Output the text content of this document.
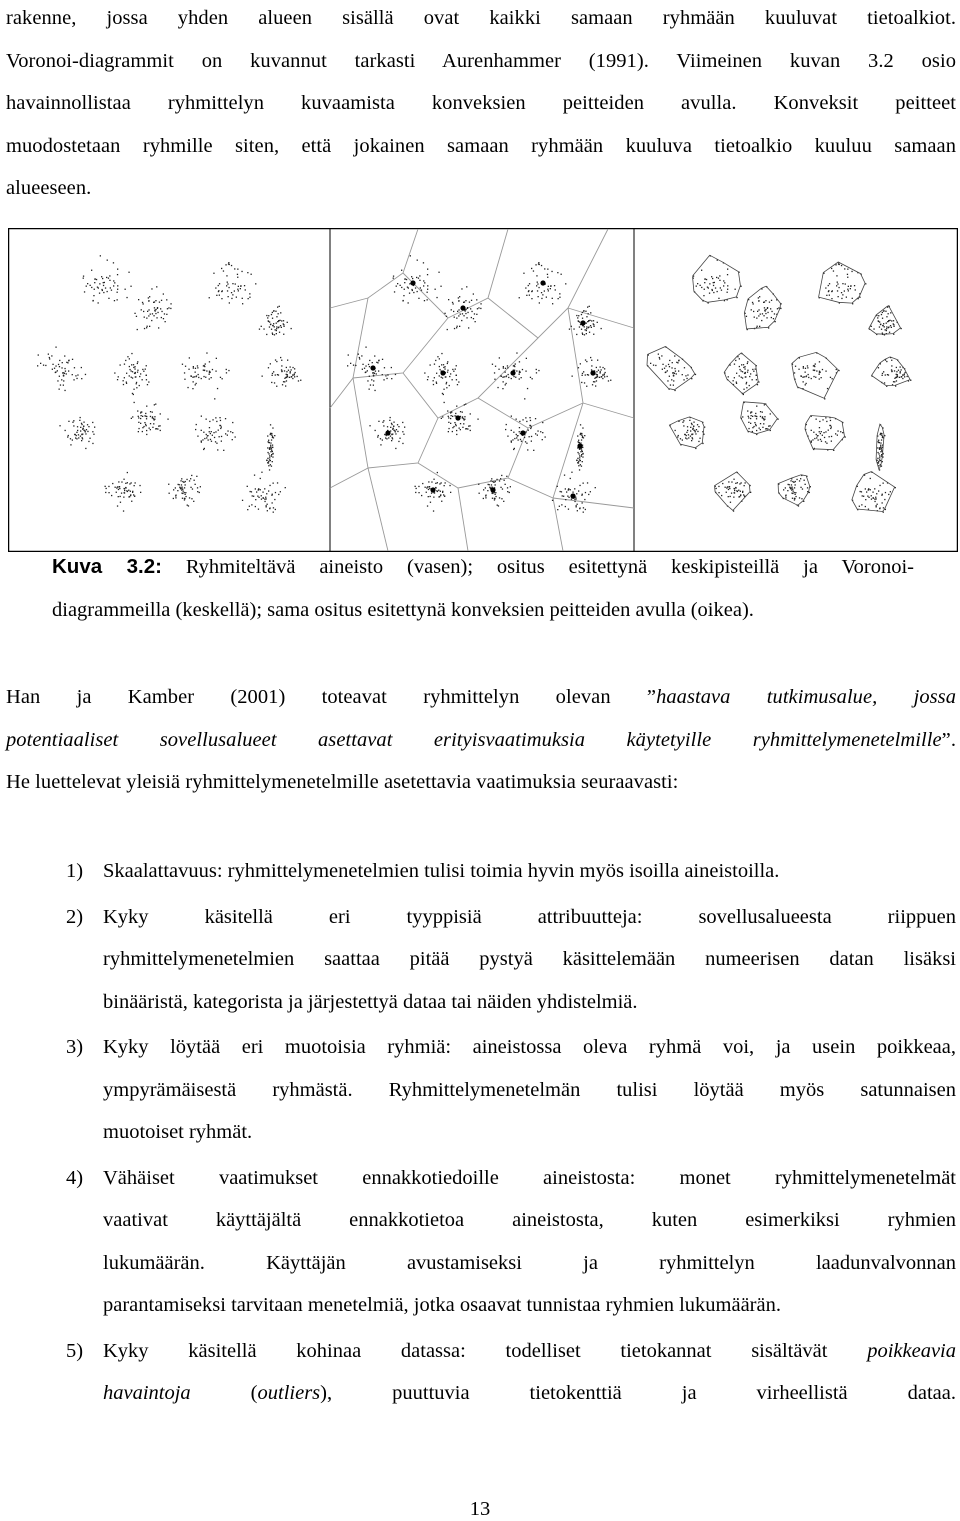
rakenne, jossa yhden alueen sisällä ovat kaikki samaan ryhmään kuuluvat tietoalkiot.
Voronoi-diagrammit on kuvannut tarkasti Aurenhammer (1991). Viimeinen kuvan 3.2 osio
havainnollistaa ryhmittelyn kuvaamista konveksien peitteiden avulla. Konveksit peitteet
muodostetaan ryhmille siten, että jokainen samaan ryhmään kuuluva tietoalkio kuuluu samaan
alueeseen.
Kuva 3.2: Ryhmiteltävä aineisto (vasen); ositus esitettynä keskipisteillä ja Voronoi-
diagrammeilla (keskellä); sama ositus esitettynä konveksien peitteiden avulla (oikea).
Han ja Kamber (2001) toteavat ryhmittelyn olevan ”haastava tutkimusalue, jossa
potentiaaliset sovellusalueet asettavat erityisvaatimuksia käytetyille ryhmittelymenetelmille”.
He luettelevat yleisiä ryhmittelymenetelmille asetettavia vaatimuksia seuraavasti:
1) Skaalattavuus: ryhmittelymenetelmien tulisi toimia hyvin myös isoilla aineistoilla.
2) Kyky käsitellä eri tyyppisiä attribuutteja: sovellusalueesta riippuen
ryhmittelymenetelmien saattaa pitää pystyä käsittelemään numeerisen datan lisäksi
binääristä, kategorista ja järjestettyä dataa tai näiden yhdistelmiä.
3) Kyky löytää eri muotoisia ryhmiä: aineistossa oleva ryhmä voi, ja usein poikkeaa,
ympyrämäisestä ryhmästä. Ryhmittelymenetelmän tulisi löytää myös satunnaisen
muotoiset ryhmät.
4) Vähäiset vaatimukset ennakkotiedoille aineistosta: monet ryhmittelymenetelmät
vaativat käyttäjältä ennakkotietoa aineistosta, kuten esimerkiksi ryhmien
lukumäärän. Käyttäjän avustamiseksi ja ryhmittelyn laadunvalvonnan
parantamiseksi tarvitaan menetelmiä, jotka osaavat tunnistaa ryhmien lukumäärän.
5) Kyky käsitellä kohinaa datassa: todelliset tietokannat sisältävät poikkeavia
havaintoja (outliers), puuttuvia tietokenttiä ja virheellistä dataa.
13
